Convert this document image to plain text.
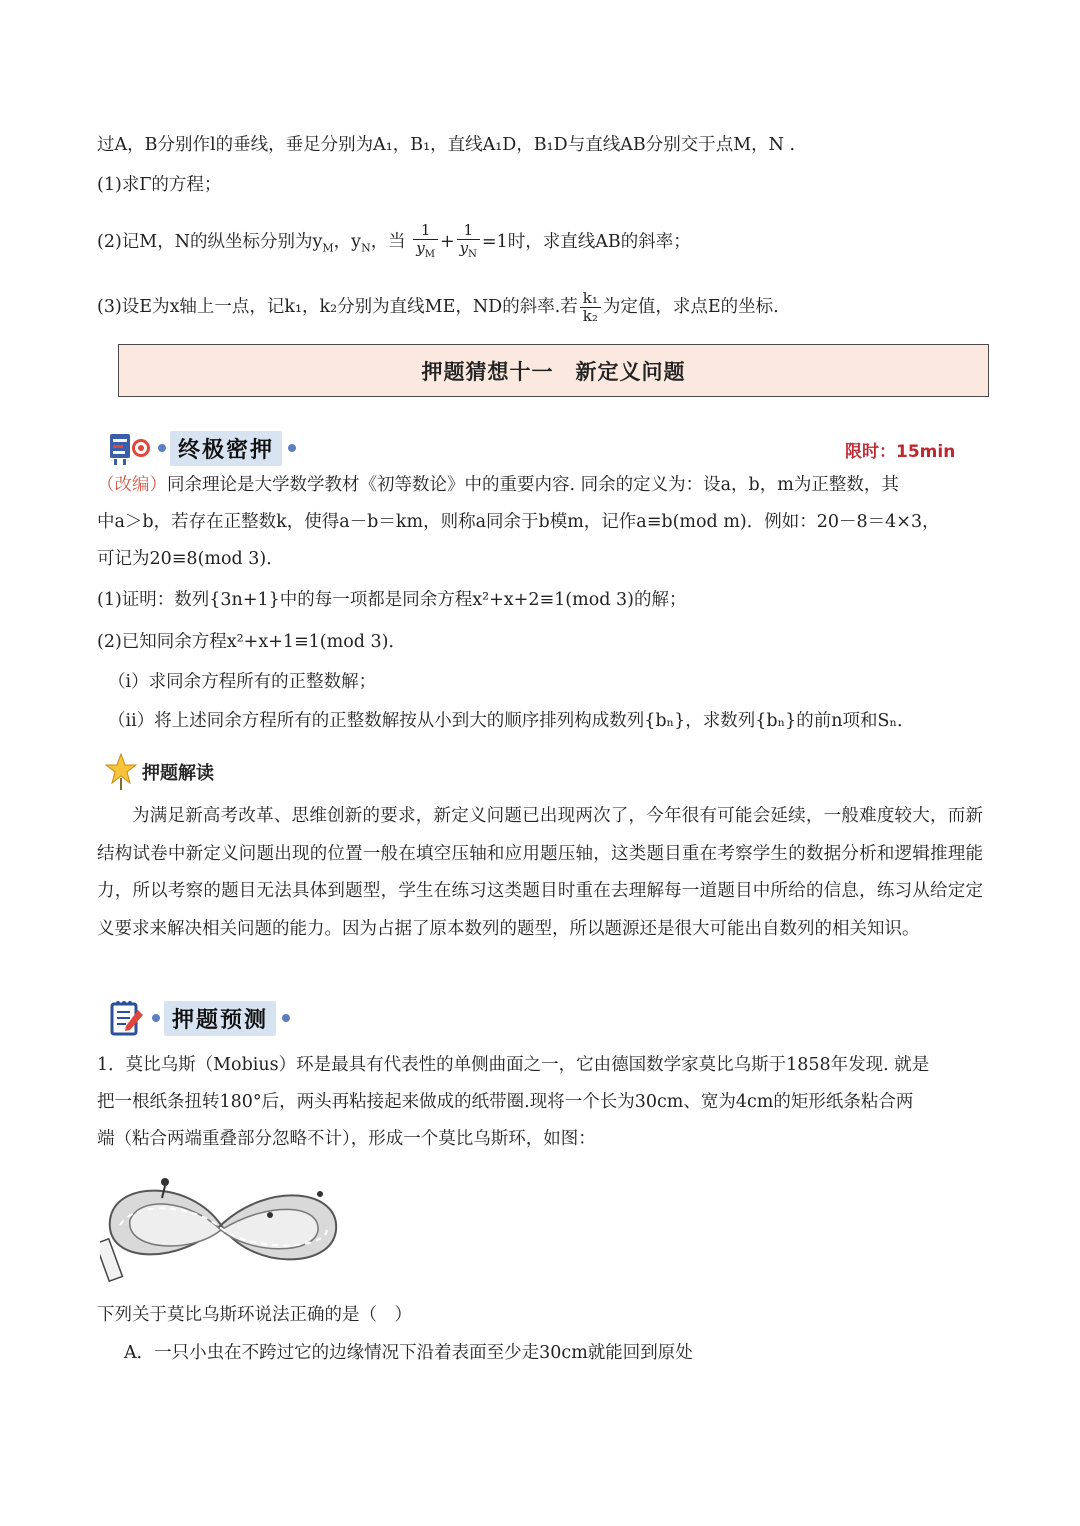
过A，B分别作l的垂线，垂足分别为A₁，B₁，直线A₁D，B₁D与直线AB分别交于点M，N .
(1)求Γ的方程；
(2)记M，N的纵坐标分别为$y_M$，$y_N$，当 $\frac{1}{y_M} + \frac{1}{y_N} =1$时，求直线AB的斜率；
(3)设E为x轴上一点，记k₁，k₂分别为直线ME，ND的斜率.若 $\frac{\text{k₁}}{\text{k₂}}$ 为定值，求点E的坐标.
押题猜想十一　新定义问题
终极密押	限时：15min
（改编）同余理论是大学数学教材《初等数论》中的重要内容. 同余的定义为：设a，b，m为正整数，其
中a＞b，若存在正整数k，使得a－b＝km，则称a同余于b模m，记作a≡b(mod m)．例如：20－8＝4×3，
可记为20≡8(mod 3)．
(1)证明：数列{3n+1}中的每一项都是同余方程x²+x+2≡1(mod 3)的解；
(2)已知同余方程x²+x+1≡1(mod 3)．
（i）求同余方程所有的正整数解；
（ii）将上述同余方程所有的正整数解按从小到大的顺序排列构成数列{bₙ}，求数列{bₙ}的前n项和Sₙ．
押题解读

为满足新高考改革、思维创新的要求，新定义问题已出现两次了，今年很有可能会延续，一般难度较大，而新结构试卷中新定义问题出现的位置一般在填空压轴和应用题压轴，这类题目重在考察学生的数据分析和逻辑推理能力，所以考察的题目无法具体到题型，学生在练习这类题目时重在去理解每一道题目中所给的信息，练习从给定定义要求来解决相关问题的能力。因为占据了原本数列的题型，所以题源还是很大可能出自数列的相关知识。

押题预测
1．莫比乌斯（Mobius）环是最具有代表性的单侧曲面之一，它由德国数学家莫比乌斯于1858年发现. 就是
把一根纸条扭转180°后，两头再粘接起来做成的纸带圈.现将一个长为30cm、宽为4cm的矩形纸条粘合两
端（粘合两端重叠部分忽略不计），形成一个莫比乌斯环，如图：
下列关于莫比乌斯环说法正确的是（　）
A．一只小虫在不跨过它的边缘情况下沿着表面至少走30cm就能回到原处
